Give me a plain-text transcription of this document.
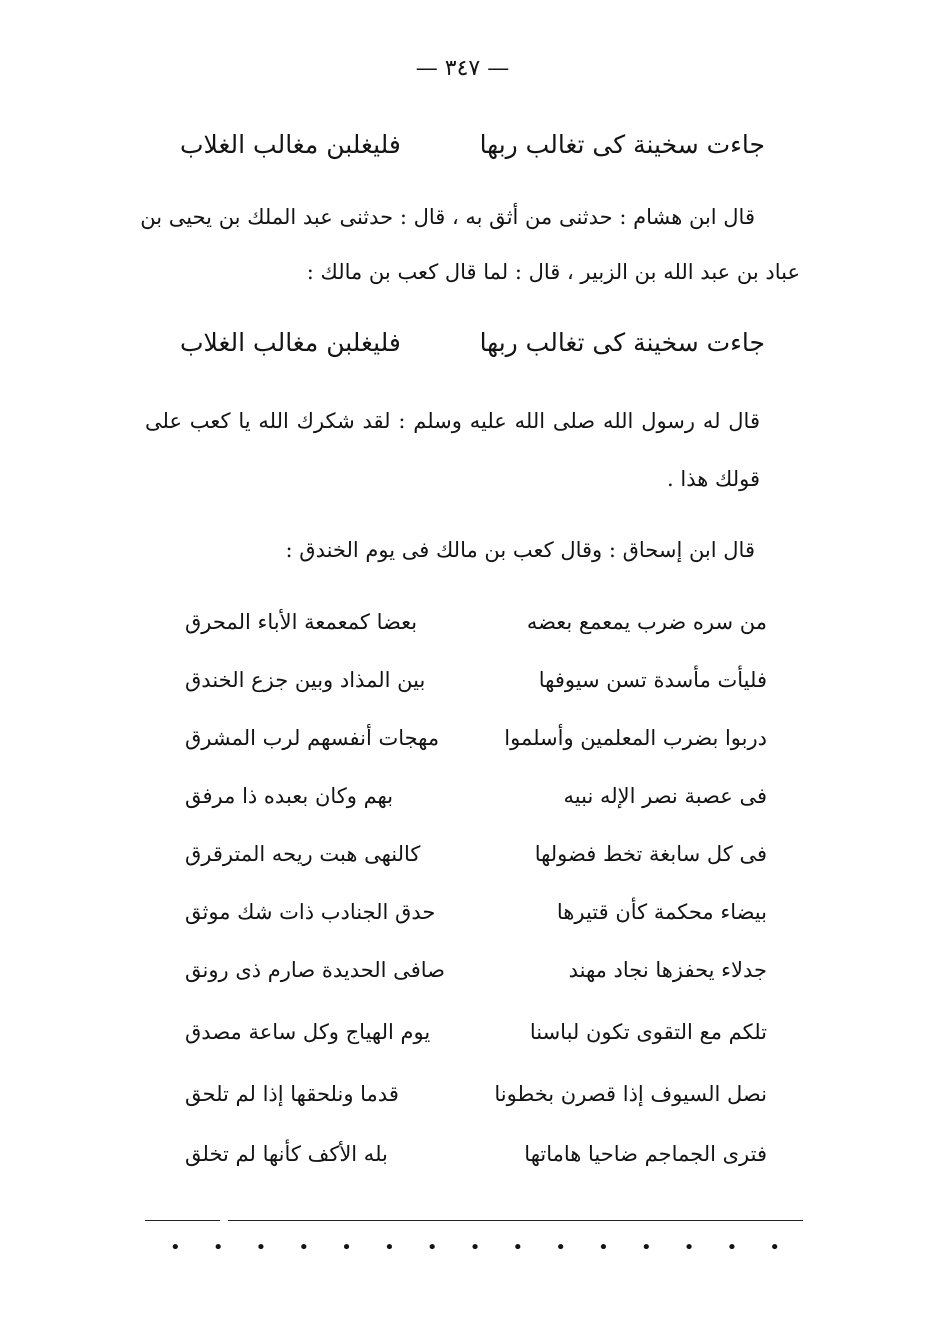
— ٣٤٧ —
جاءت سخينة كى تغالب ربها
فليغلبن مغالب الغلاب
قال ابن هشام : حدثنى من أثق به ، قال : حدثنى عبد الملك بن يحيى بن
عباد بن عبد الله بن الزبير ، قال : لما قال كعب بن مالك :
جاءت سخينة كى تغالب ربها
فليغلبن مغالب الغلاب
قال له رسول الله صلى الله عليه وسلم : لقد شكرك الله يا كعب على قولك هذا .
قال ابن إسحاق : وقال كعب بن مالك فى يوم الخندق :
من سره ضرب يمعمع بعضه
بعضا كمعمعة الأباء المحرق
فليأت مأسدة تسن سيوفها
بين المذاد وبين جزع الخندق
دربوا بضرب المعلمين وأسلموا
مهجات أنفسهم لرب المشرق
فى عصبة نصر الإله نبيه
بهم وكان بعبده ذا مرفق
فى كل سابغة تخط فضولها
كالنهى هبت ريحه المترقرق
بيضاء محكمة كأن قتيرها
حدق الجنادب ذات شك موثق
جدلاء يحفزها نجاد مهند
صافى الحديدة صارم ذى رونق
تلكم مع التقوى تكون لباسنا
يوم الهياج وكل ساعة مصدق
نصل السيوف إذا قصرن بخطونا
قدما ونلحقها إذا لم تلحق
فترى الجماجم ضاحيا هاماتها
بله الأكف كأنها لم تخلق
• • • • • • • • • • • • • • •
